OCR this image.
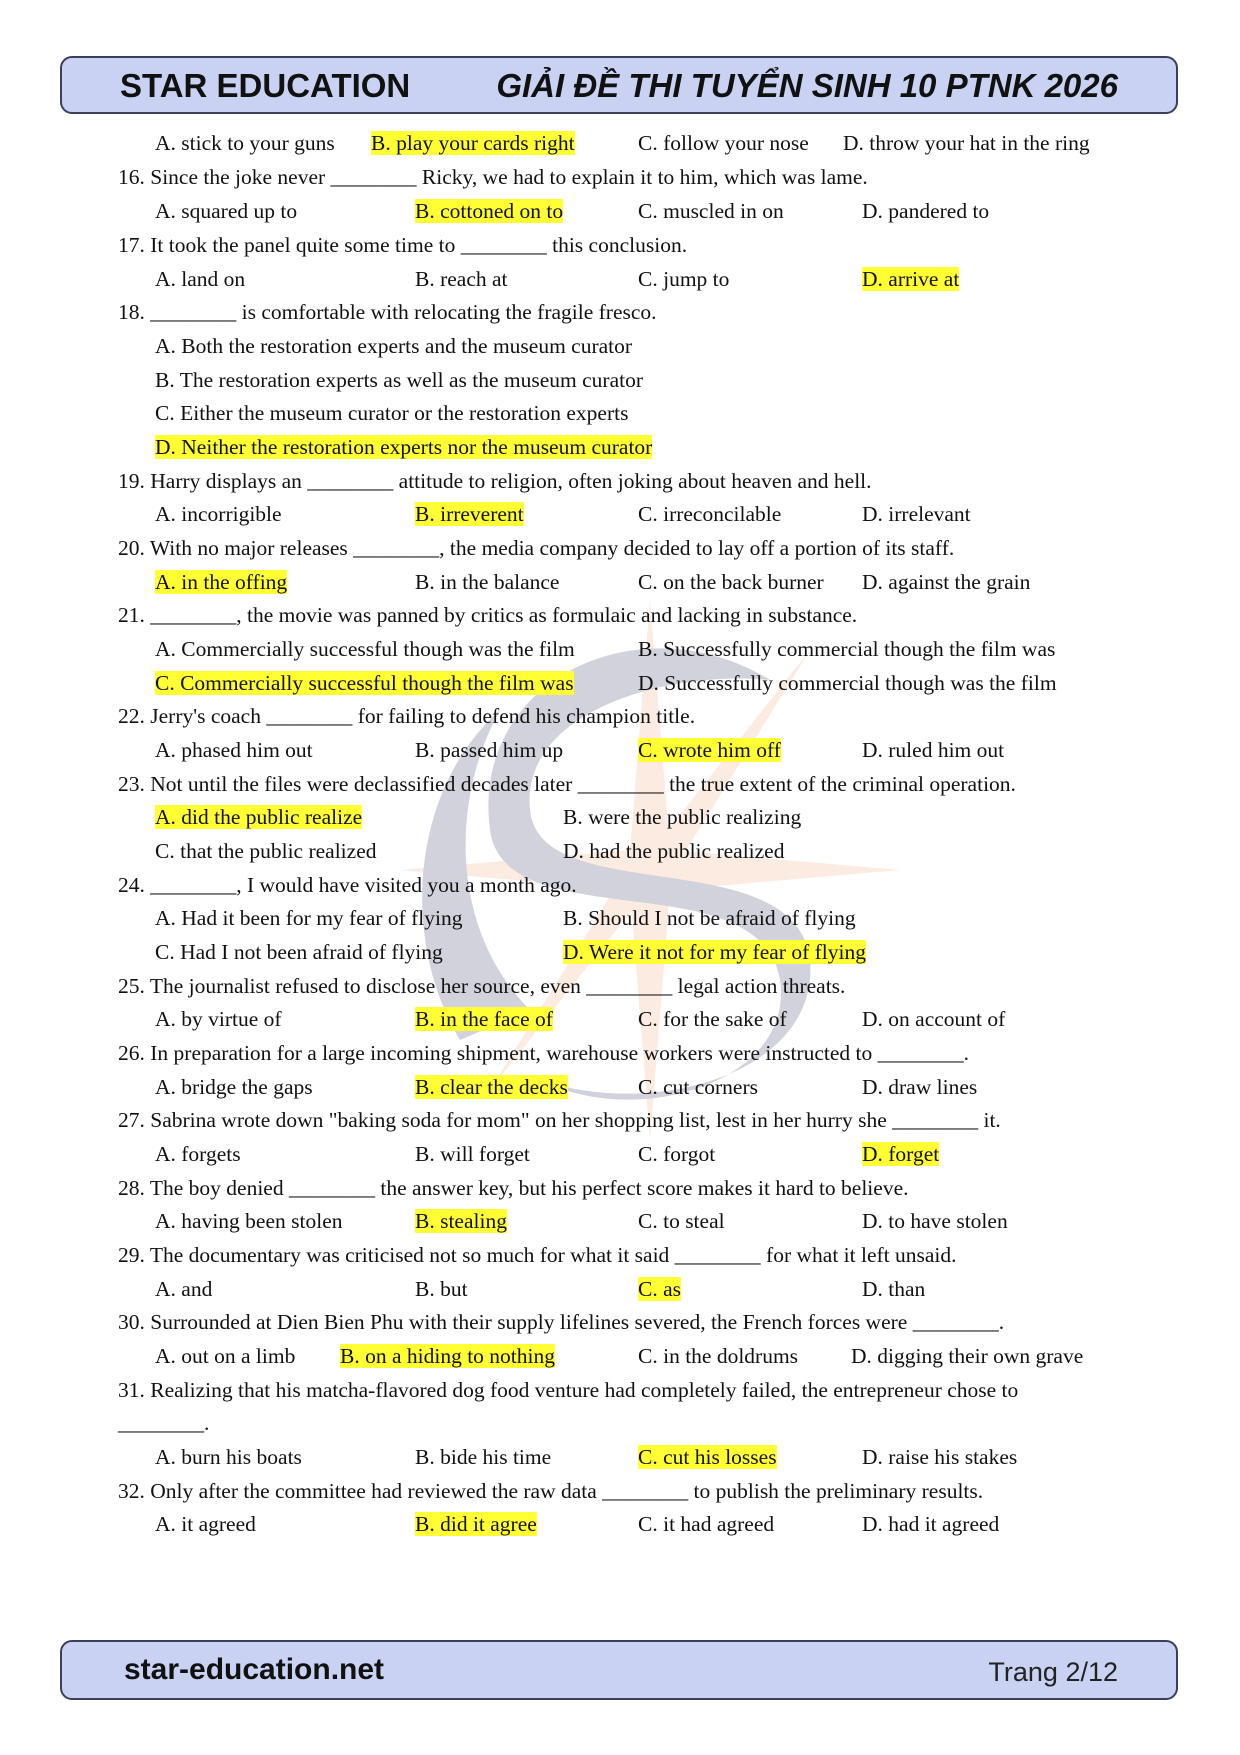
STAR EDUCATION	GIẢI ĐỀ THI TUYỂN SINH 10 PTNK 2026
A. stick to your guns B. play your cards right	C. follow your nose D. throw your hat in the ring
16. Since the joke never ________ Ricky, we had to explain it to him, which was lame.
A. squared up to	B. cottoned on to	C. muscled in on	D. pandered to
17. It took the panel quite some time to ________ this conclusion.
A. land on	B. reach at	C. jump to	D. arrive at
18. ________ is comfortable with relocating the fragile fresco.
A. Both the restoration experts and the museum curator
B. The restoration experts as well as the museum curator
C. Either the museum curator or the restoration experts
D. Neither the restoration experts nor the museum curator
19. Harry displays an ________ attitude to religion, often joking about heaven and hell.
A. incorrigible	B. irreverent	C. irreconcilable	D. irrelevant
20. With no major releases ________, the media company decided to lay off a portion of its staff.
A. in the offing	B. in the balance	C. on the back burner D. against the grain
21. ________, the movie was panned by critics as formulaic and lacking in substance.
A. Commercially successful though was the film	B. Successfully commercial though the film was
C. Commercially successful though the film was	D. Successfully commercial though was the film
22. Jerry's coach ________ for failing to defend his champion title.
A. phased him out	B. passed him up	C. wrote him off	D. ruled him out
23. Not until the files were declassified decades later ________ the true extent of the criminal operation.
A. did the public realize	B. were the public realizing
C. that the public realized	D. had the public realized
24. ________, I would have visited you a month ago.
A. Had it been for my fear of flying	B. Should I not be afraid of flying
C. Had I not been afraid of flying	D. Were it not for my fear of flying
25. The journalist refused to disclose her source, even ________ legal action threats.
A. by virtue of	B. in the face of	C. for the sake of	D. on account of
26. In preparation for a large incoming shipment, warehouse workers were instructed to ________.
A. bridge the gaps	B. clear the decks	C. cut corners	D. draw lines
27. Sabrina wrote down "baking soda for mom" on her shopping list, lest in her hurry she ________ it.
A. forgets	B. will forget	C. forgot	D. forget
28. The boy denied ________ the answer key, but his perfect score makes it hard to believe.
A. having been stolen	B. stealing	C. to steal	D. to have stolen
29. The documentary was criticised not so much for what it said ________ for what it left unsaid.
A. and	B. but	C. as	D. than
30. Surrounded at Dien Bien Phu with their supply lifelines severed, the French forces were ________.
A. out on a limb B. on a hiding to nothing	C. in the doldrums D. digging their own grave
31. Realizing that his matcha-flavored dog food venture had completely failed, the entrepreneur chose to
________.
A. burn his boats	B. bide his time	C. cut his losses	D. raise his stakes
32. Only after the committee had reviewed the raw data ________ to publish the preliminary results.
A. it agreed	B. did it agree	C. it had agreed	D. had it agreed
star-education.net	Trang 2/12
